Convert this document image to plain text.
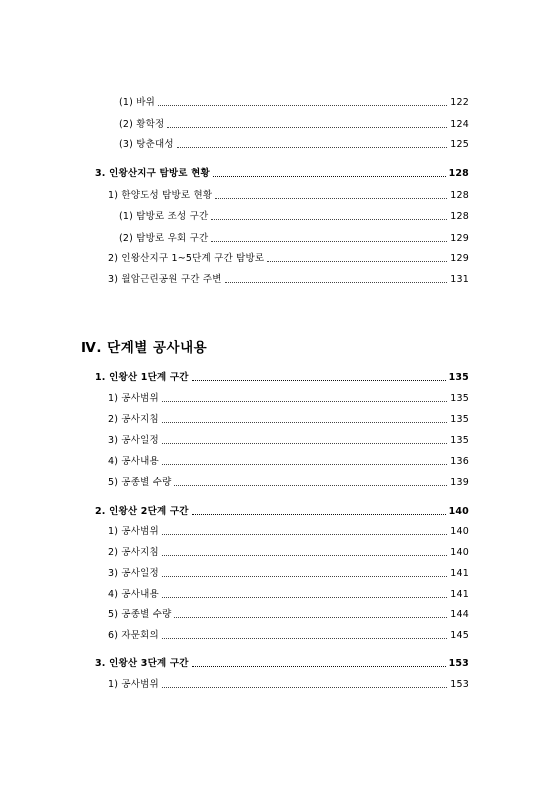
(1) 바위	122
(2) 황학정	124
(3) 탕춘대성	125
3. 인왕산지구 탐방로 현황	128
1) 한양도성 탐방로 현황	128
(1) 탐방로 조성 구간	128
(2) 탐방로 우회 구간	129
2) 인왕산지구 1~5단계 구간 탐방로	129
3) 월암근린공원 구간 주변	131
Ⅳ. 단계별 공사내용
1. 인왕산 1단계 구간	135
1) 공사범위	135
2) 공사지침	135
3) 공사일정	135
4) 공사내용	136
5) 공종별 수량	139
2. 인왕산 2단계 구간	140
1) 공사범위	140
2) 공사지침	140
3) 공사일정	141
4) 공사내용	141
5) 공종별 수량	144
6) 자문회의	145
3. 인왕산 3단계 구간	153
1) 공사범위	153
